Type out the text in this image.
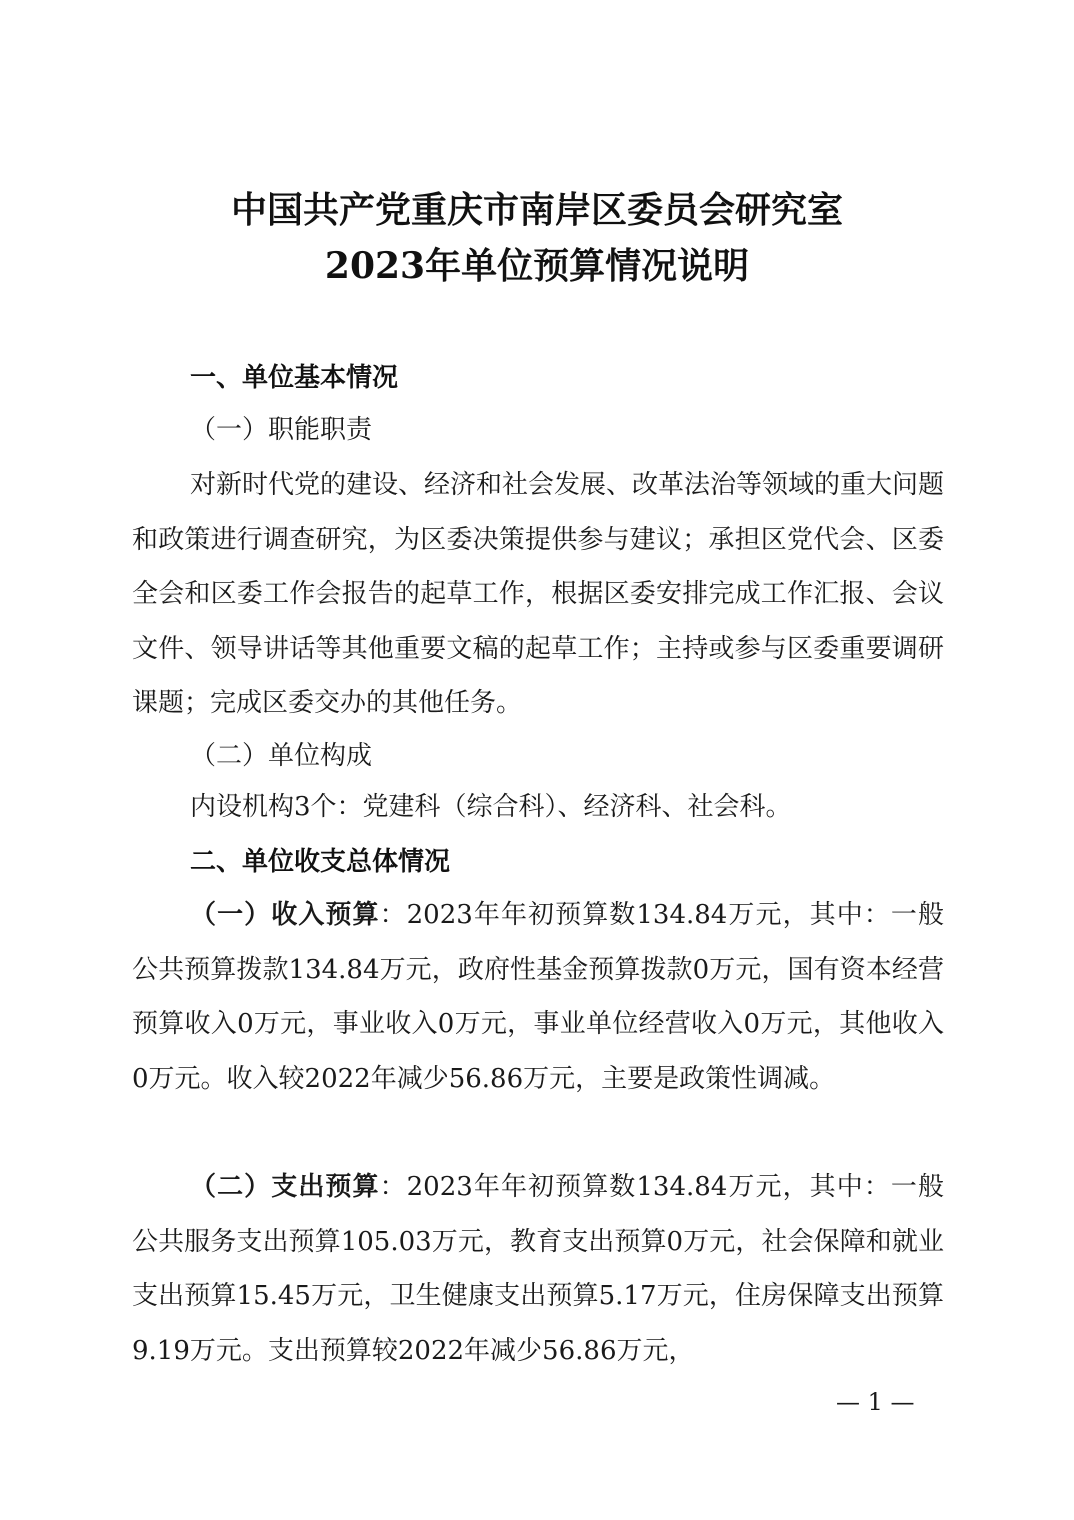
中国共产党重庆市南岸区委员会研究室
2023年单位预算情况说明
一、单位基本情况
（一）职能职责
对新时代党的建设、经济和社会发展、改革法治等领域的重大问题和政策进行调查研究，为区委决策提供参与建议；承担区党代会、区委全会和区委工作会报告的起草工作，根据区委安排完成工作汇报、会议文件、领导讲话等其他重要文稿的起草工作；主持或参与区委重要调研课题；完成区委交办的其他任务。
（二）单位构成
内设机构3个：党建科（综合科）、经济科、社会科。
二、单位收支总体情况
（一）收入预算：2023年年初预算数134.84万元，其中：一般公共预算拨款134.84万元，政府性基金预算拨款0万元，国有资本经营预算收入0万元，事业收入0万元，事业单位经营收入0万元，其他收入0万元。收入较2022年减少56.86万元，主要是政策性调减。
（二）支出预算：2023年年初预算数134.84万元，其中：一般公共服务支出预算105.03万元，教育支出预算0万元，社会保障和就业支出预算15.45万元，卫生健康支出预算5.17万元，住房保障支出预算9.19万元。支出预算较2022年减少56.86万元，
— 1 —
